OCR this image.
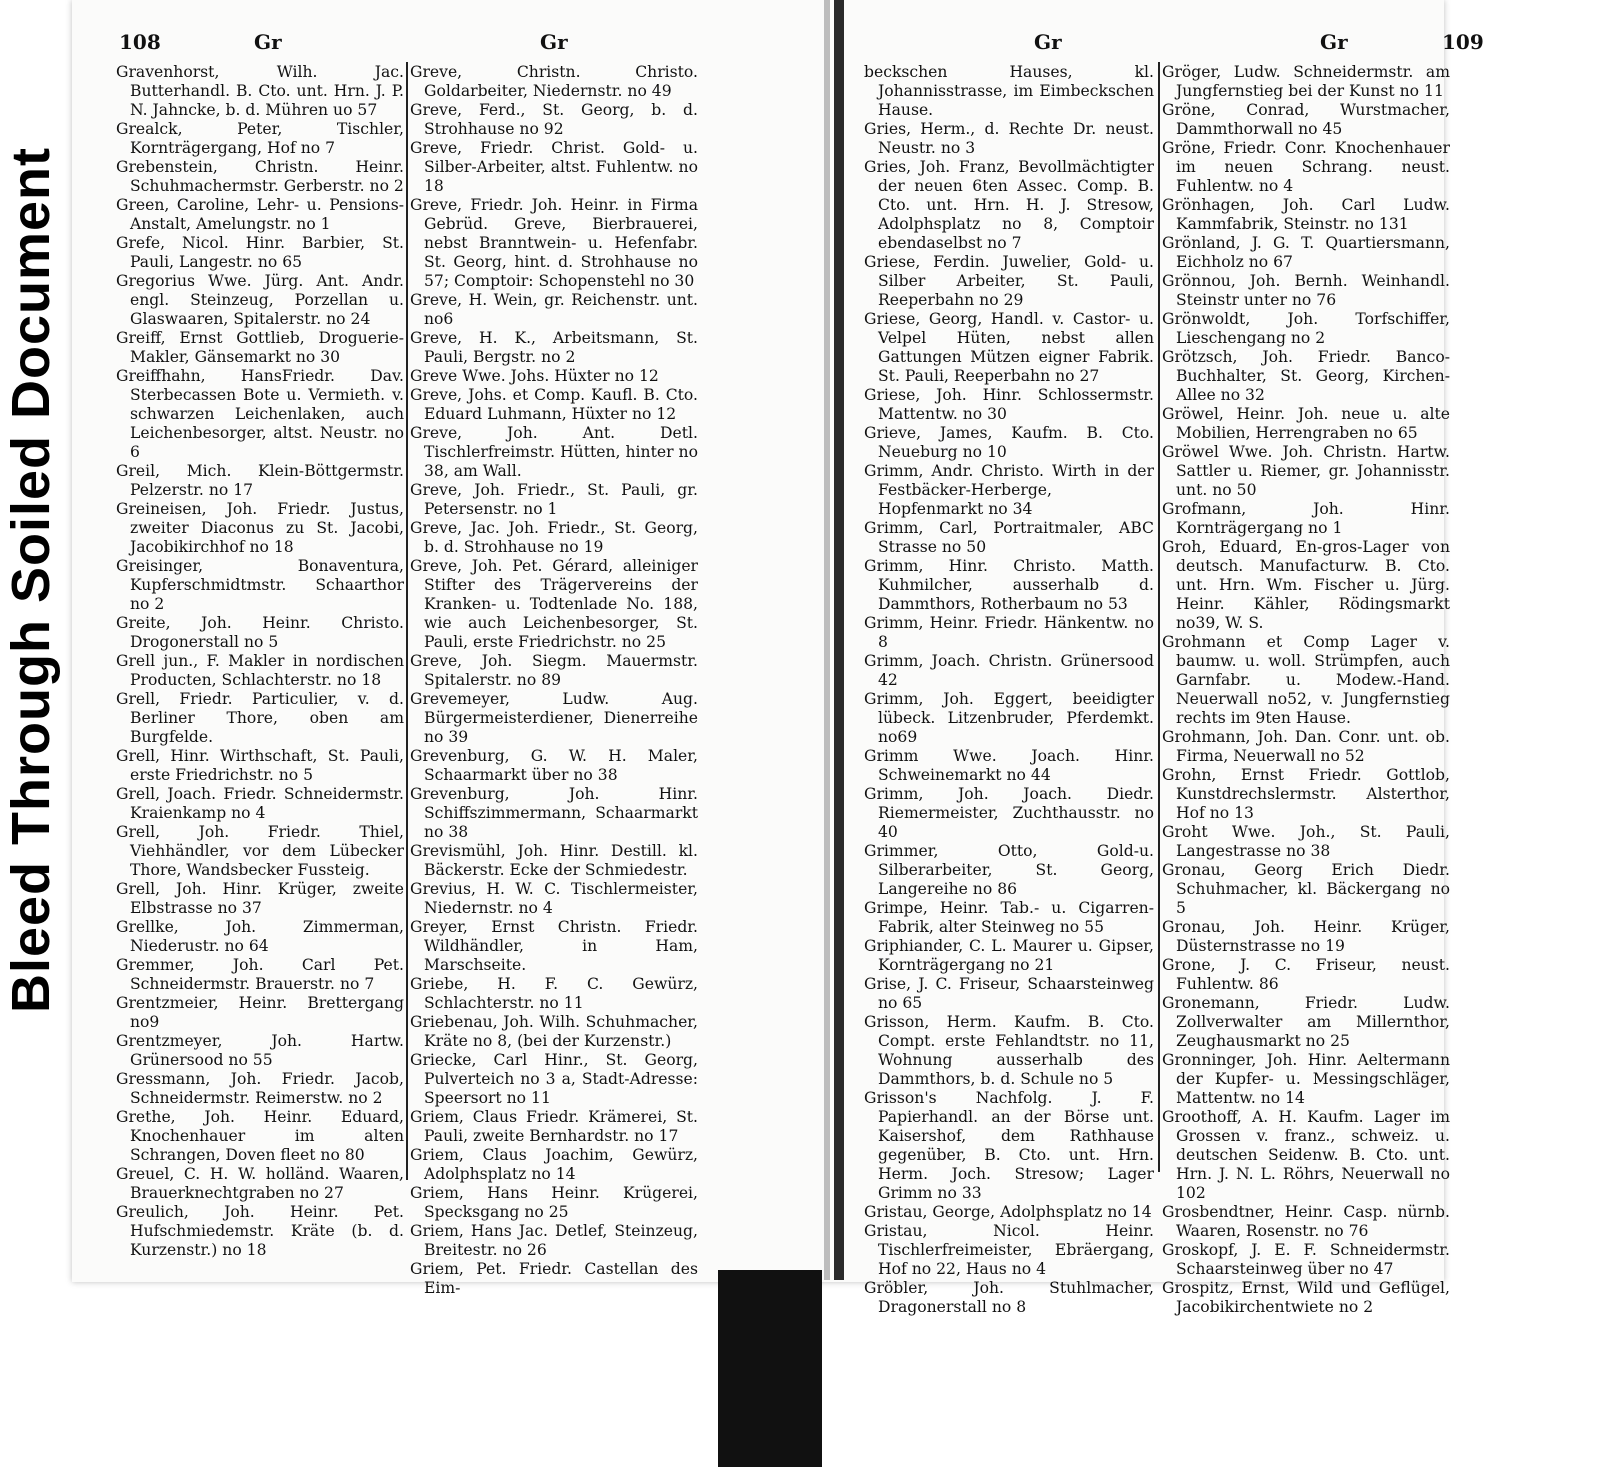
Bleed Through Soiled Document
108	Gr	Gr

Gravenhorst, Wilh. Jac. Butterhandl. B. Cto. unt. Hrn. J. P. N. Jahncke, b. d. Mühren uo 57

Grealck, Peter, Tischler, Kornträgergang, Hof no 7

Grebenstein, Christn. Heinr. Schuhmachermstr. Gerberstr. no 2

Green, Caroline, Lehr- u. Pensions-Anstalt, Amelungstr. no 1

Grefe, Nicol. Hinr. Barbier, St. Pauli, Langestr. no 65

Gregorius Wwe. Jürg. Ant. Andr. engl. Steinzeug, Porzellan u. Glaswaaren, Spitalerstr. no 24

Greiff, Ernst Gottlieb, Droguerie-Makler, Gänsemarkt no 30

Greiffhahn, HansFriedr. Dav. Sterbecassen Bote u. Vermieth. v. schwarzen Leichenlaken, auch Leichenbesorger, altst. Neustr. no 6

Greil, Mich. Klein-Böttgermstr. Pelzerstr. no 17

Greineisen, Joh. Friedr. Justus, zweiter Diaconus zu St. Jacobi, Jacobikirchhof no 18

Greisinger, Bonaventura, Kupferschmidtmstr. Schaarthor no 2

Greite, Joh. Heinr. Christo. Drogonerstall no 5

Grell jun., F. Makler in nordischen Producten, Schlachterstr. no 18

Grell, Friedr. Particulier, v. d. Berliner Thore, oben am Burgfelde.

Grell, Hinr. Wirthschaft, St. Pauli, erste Friedrichstr. no 5

Grell, Joach. Friedr. Schneidermstr. Kraienkamp no 4

Grell, Joh. Friedr. Thiel, Viehhändler, vor dem Lübecker Thore, Wandsbecker Fussteig.

Grell, Joh. Hinr. Krüger, zweite Elbstrasse no 37

Grellke, Joh. Zimmerman, Niederustr. no 64

Gremmer, Joh. Carl Pet. Schneidermstr. Brauerstr. no 7

Grentzmeier, Heinr. Brettergang no9

Grentzmeyer, Joh. Hartw. Grünersood no 55

Gressmann, Joh. Friedr. Jacob, Schneidermstr. Reimerstw. no 2

Grethe, Joh. Heinr. Eduard, Knochenhauer im alten Schrangen, Doven fleet no 80

Greuel, C. H. W. holländ. Waaren, Brauerknechtgraben no 27

Greulich, Joh. Heinr. Pet. Hufschmiedemstr. Kräte (b. d. Kurzenstr.) no 18

Greve, Christn. Christo. Goldarbeiter, Niedernstr. no 49

Greve, Ferd., St. Georg, b. d. Strohhause no 92

Greve, Friedr. Christ. Gold- u. Silber-Arbeiter, altst. Fuhlentw. no 18

Greve, Friedr. Joh. Heinr. in Firma Gebrüd. Greve, Bierbrauerei, nebst Branntwein- u. Hefenfabr. St. Georg, hint. d. Strohhause no 57; Comptoir: Schopenstehl no 30

Greve, H. Wein, gr. Reichenstr. unt. no6

Greve, H. K., Arbeitsmann, St. Pauli, Bergstr. no 2

Greve Wwe. Johs. Hüxter no 12

Greve, Johs. et Comp. Kaufl. B. Cto. Eduard Luhmann, Hüxter no 12

Greve, Joh. Ant. Detl. Tischlerfreimstr. Hütten, hinter no 38, am Wall.

Greve, Joh. Friedr., St. Pauli, gr. Petersenstr. no 1

Greve, Jac. Joh. Friedr., St. Georg, b. d. Strohhause no 19

Greve, Joh. Pet. Gérard, alleiniger Stifter des Trägervereins der Kranken- u. Todtenlade No. 188, wie auch Leichenbesorger, St. Pauli, erste Friedrichstr. no 25

Greve, Joh. Siegm. Mauermstr. Spitalerstr. no 89

Grevemeyer, Ludw. Aug. Bürgermeisterdiener, Dienerreihe no 39

Grevenburg, G. W. H. Maler, Schaarmarkt über no 38

Grevenburg, Joh. Hinr. Schiffszimmermann, Schaarmarkt no 38

Grevismühl, Joh. Hinr. Destill. kl. Bäckerstr. Ecke der Schmiedestr.

Grevius, H. W. C. Tischlermeister, Niedernstr. no 4

Greyer, Ernst Christn. Friedr. Wildhändler, in Ham, Marschseite.

Griebe, H. F. C. Gewürz, Schlachterstr. no 11

Griebenau, Joh. Wilh. Schuhmacher, Kräte no 8, (bei der Kurzenstr.)

Griecke, Carl Hinr., St. Georg, Pulverteich no 3 a, Stadt-Adresse: Speersort no 11

Griem, Claus Friedr. Krämerei, St. Pauli, zweite Bernhardstr. no 17

Griem, Claus Joachim, Gewürz, Adolphsplatz no 14

Griem, Hans Heinr. Krügerei, Specksgang no 25

Griem, Hans Jac. Detlef, Steinzeug, Breitestr. no 26

Griem, Pet. Friedr. Castellan des Eim-

Gr	Gr	109

beckschen Hauses, kl. Johannisstrasse, im Eimbeckschen Hause.

Gries, Herm., d. Rechte Dr. neust. Neustr. no 3

Gries, Joh. Franz, Bevollmächtigter der neuen 6ten Assec. Comp. B. Cto. unt. Hrn. H. J. Stresow, Adolphsplatz no 8, Comptoir ebendaselbst no 7

Griese, Ferdin. Juwelier, Gold- u. Silber Arbeiter, St. Pauli, Reeperbahn no 29

Griese, Georg, Handl. v. Castor- u. Velpel Hüten, nebst allen Gattungen Mützen eigner Fabrik. St. Pauli, Reeperbahn no 27

Griese, Joh. Hinr. Schlossermstr. Mattentw. no 30

Grieve, James, Kaufm. B. Cto. Neueburg no 10

Grimm, Andr. Christo. Wirth in der Festbäcker-Herberge, Hopfenmarkt no 34

Grimm, Carl, Portraitmaler, ABC Strasse no 50

Grimm, Hinr. Christo. Matth. Kuhmilcher, ausserhalb d. Dammthors, Rotherbaum no 53

Grimm, Heinr. Friedr. Hänkentw. no 8

Grimm, Joach. Christn. Grünersood 42

Grimm, Joh. Eggert, beeidigter lübeck. Litzenbruder, Pferdemkt. no69

Grimm Wwe. Joach. Hinr. Schweinemarkt no 44

Grimm, Joh. Joach. Diedr. Riemermeister, Zuchthausstr. no 40

Grimmer, Otto, Gold-u. Silberarbeiter, St. Georg, Langereihe no 86

Grimpe, Heinr. Tab.- u. Cigarren-Fabrik, alter Steinweg no 55

Griphiander, C. L. Maurer u. Gipser, Kornträgergang no 21

Grise, J. C. Friseur, Schaarsteinweg no 65

Grisson, Herm. Kaufm. B. Cto. Compt. erste Fehlandtstr. no 11, Wohnung ausserhalb des Dammthors, b. d. Schule no 5

Grisson's Nachfolg. J. F. Papierhandl. an der Börse unt. Kaisershof, dem Rathhause gegenüber, B. Cto. unt. Hrn. Herm. Joch. Stresow; Lager Grimm no 33

Gristau, George, Adolphsplatz no 14

Gristau, Nicol. Heinr. Tischlerfreimeister, Ebräergang, Hof no 22, Haus no 4

Gröbler, Joh. Stuhlmacher, Dragonerstall no 8

Gröger, Ludw. Schneidermstr. am Jungfernstieg bei der Kunst no 11

Gröne, Conrad, Wurstmacher, Dammthorwall no 45

Gröne, Friedr. Conr. Knochenhauer im neuen Schrang. neust. Fuhlentw. no 4

Grönhagen, Joh. Carl Ludw. Kammfabrik, Steinstr. no 131

Grönland, J. G. T. Quartiersmann, Eichholz no 67

Grönnou, Joh. Bernh. Weinhandl. Steinstr unter no 76

Grönwoldt, Joh. Torfschiffer, Lieschengang no 2

Grötzsch, Joh. Friedr. Banco-Buchhalter, St. Georg, Kirchen-Allee no 32

Gröwel, Heinr. Joh. neue u. alte Mobilien, Herrengraben no 65

Gröwel Wwe. Joh. Christn. Hartw. Sattler u. Riemer, gr. Johannisstr. unt. no 50

Grofmann, Joh. Hinr. Kornträgergang no 1

Groh, Eduard, En-gros-Lager von deutsch. Manufacturw. B. Cto. unt. Hrn. Wm. Fischer u. Jürg. Heinr. Kähler, Rödingsmarkt no39, W. S.

Grohmann et Comp Lager v. baumw. u. woll. Strümpfen, auch Garnfabr. u. Modew.-Hand. Neuerwall no52, v. Jungfernstieg rechts im 9ten Hause.

Grohmann, Joh. Dan. Conr. unt. ob. Firma, Neuerwall no 52

Grohn, Ernst Friedr. Gottlob, Kunstdrechslermstr. Alsterthor, Hof no 13

Groht Wwe. Joh., St. Pauli, Langestrasse no 38

Gronau, Georg Erich Diedr. Schuhmacher, kl. Bäckergang no 5

Gronau, Joh. Heinr. Krüger, Düsternstrasse no 19

Grone, J. C. Friseur, neust. Fuhlentw. 86

Gronemann, Friedr. Ludw. Zollverwalter am Millernthor, Zeughausmarkt no 25

Gronninger, Joh. Hinr. Aeltermann der Kupfer- u. Messingschläger, Mattentw. no 14

Groothoff, A. H. Kaufm. Lager im Grossen v. franz., schweiz. u. deutschen Seidenw. B. Cto. unt. Hrn. J. N. L. Röhrs, Neuerwall no 102

Grosbendtner, Heinr. Casp. nürnb. Waaren, Rosenstr. no 76

Groskopf, J. E. F. Schneidermstr. Schaarsteinweg über no 47

Grospitz, Ernst, Wild und Geflügel, Jacobikirchentwiete no 2
